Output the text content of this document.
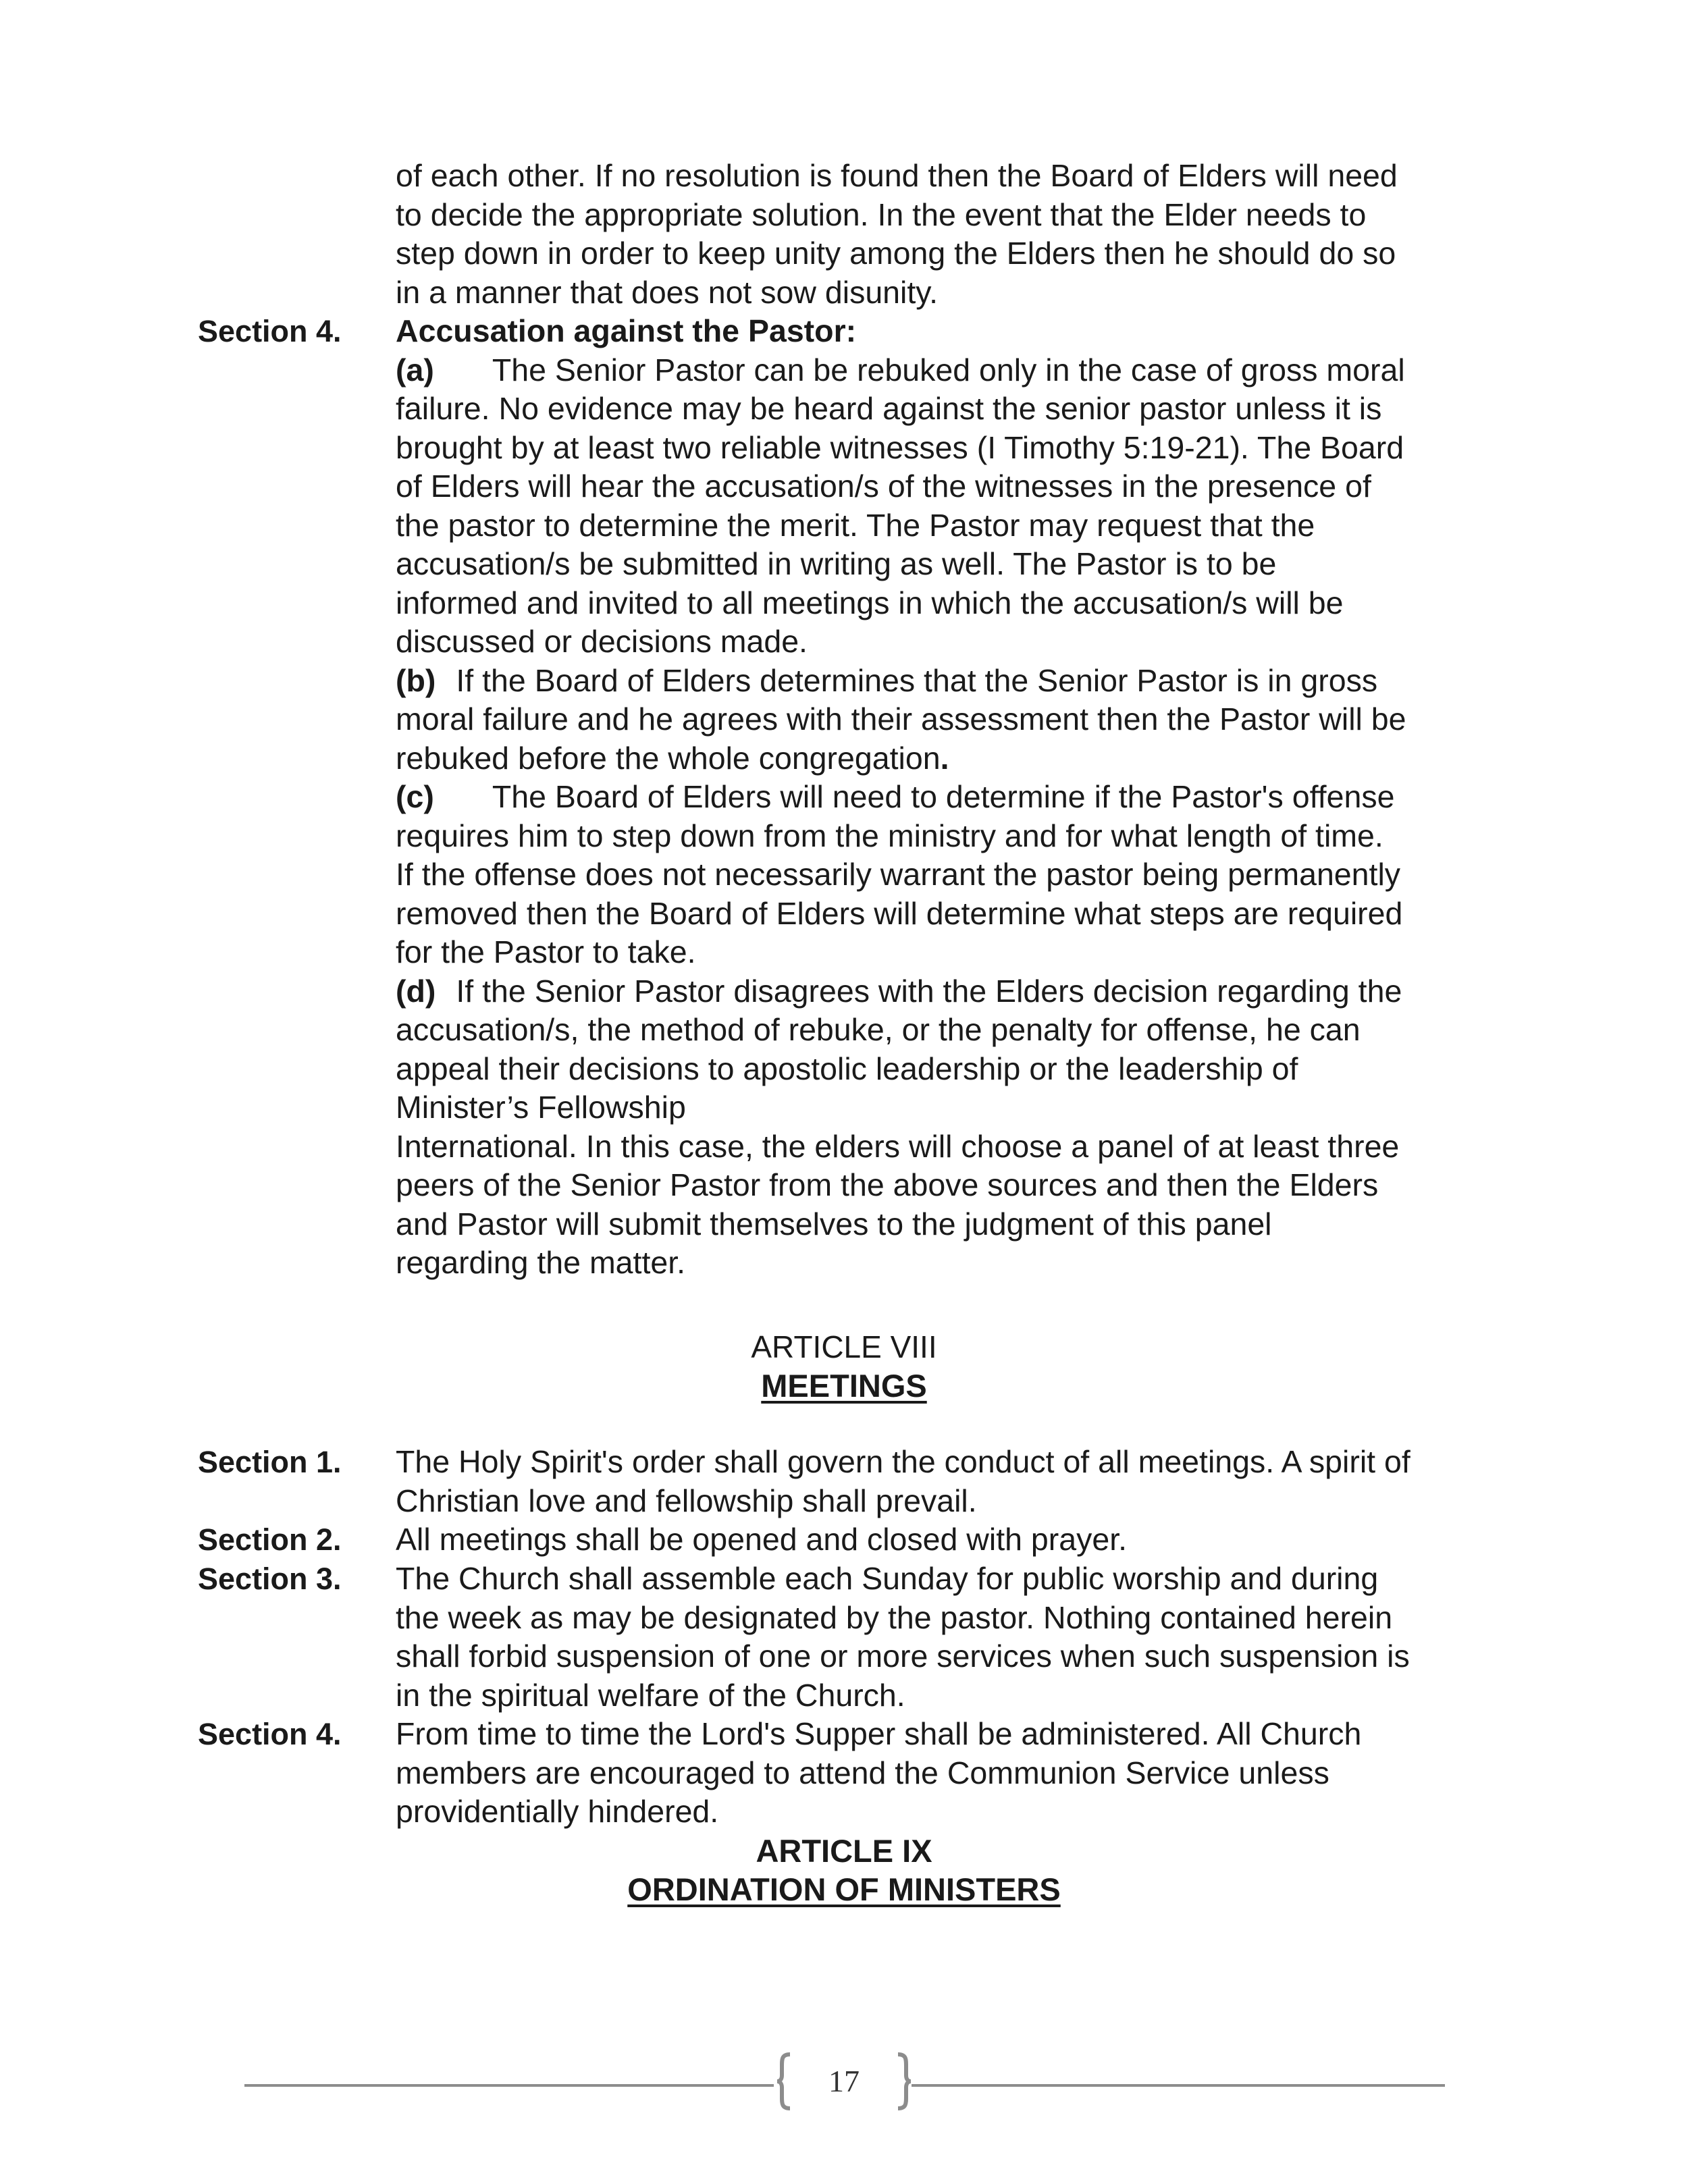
of each other. If no resolution is found then the Board of Elders will need
to decide the appropriate solution. In the event that the Elder needs to
step down in order to keep unity among the Elders then he should do so
in a manner that does not sow disunity.
Section 4. Accusation against the Pastor:
(a) The Senior Pastor can be rebuked only in the case of gross moral
failure. No evidence may be heard against the senior pastor unless it is
brought by at least two reliable witnesses (I Timothy 5:19-21). The Board
of Elders will hear the accusation/s of the witnesses in the presence of
the pastor to determine the merit. The Pastor may request that the
accusation/s be submitted in writing as well. The Pastor is to be
informed and invited to all meetings in which the accusation/s will be
discussed or decisions made.
(b) If the Board of Elders determines that the Senior Pastor is in gross
moral failure and he agrees with their assessment then the Pastor will be
rebuked before the whole congregation.
(c) The Board of Elders will need to determine if the Pastor's offense
requires him to step down from the ministry and for what length of time.
If the offense does not necessarily warrant the pastor being permanently
removed then the Board of Elders will determine what steps are required
for the Pastor to take.
(d) If the Senior Pastor disagrees with the Elders decision regarding the
accusation/s, the method of rebuke, or the penalty for offense, he can
appeal their decisions to apostolic leadership or the leadership of
Minister’s Fellowship
International. In this case, the elders will choose a panel of at least three
peers of the Senior Pastor from the above sources and then the Elders
and Pastor will submit themselves to the judgment of this panel
regarding the matter.
ARTICLE VIII
MEETINGS
Section 1. The Holy Spirit's order shall govern the conduct of all meetings. A spirit of
Christian love and fellowship shall prevail.
Section 2. All meetings shall be opened and closed with prayer.
Section 3. The Church shall assemble each Sunday for public worship and during
the week as may be designated by the pastor. Nothing contained herein
shall forbid suspension of one or more services when such suspension is
in the spiritual welfare of the Church.
Section 4. From time to time the Lord's Supper shall be administered. All Church
members are encouraged to attend the Communion Service unless
providentially hindered.
ARTICLE IX
ORDINATION OF MINISTERS
17
